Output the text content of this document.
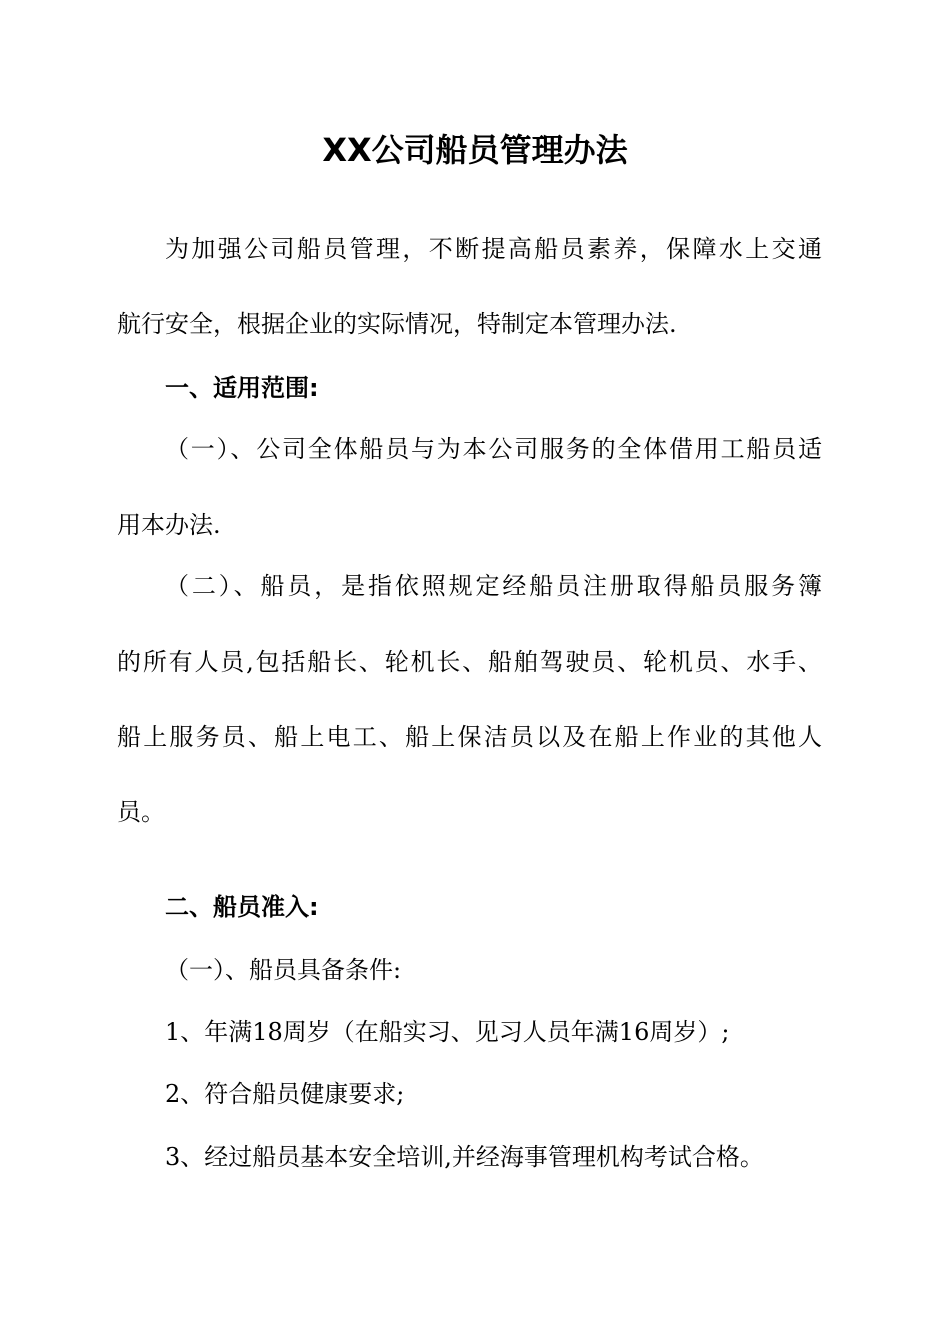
XX公司船员管理办法
为加强公司船员管理，不断提高船员素养，保障水上交通
航行安全，根据企业的实际情况，特制定本管理办法.
一、适用范围:
（一）、公司全体船员与为本公司服务的全体借用工船员适
用本办法.
（二）、船员，是指依照规定经船员注册取得船员服务簿
的所有人员,包括船长、轮机长、船舶驾驶员、轮机员、水手、
船上服务员、船上电工、船上保洁员以及在船上作业的其他人
员。
二、船员准入:
（一）、船员具备条件:
1、年满18周岁（在船实习、见习人员年满16周岁）;
2、符合船员健康要求;
3、经过船员基本安全培训,并经海事管理机构考试合格。
